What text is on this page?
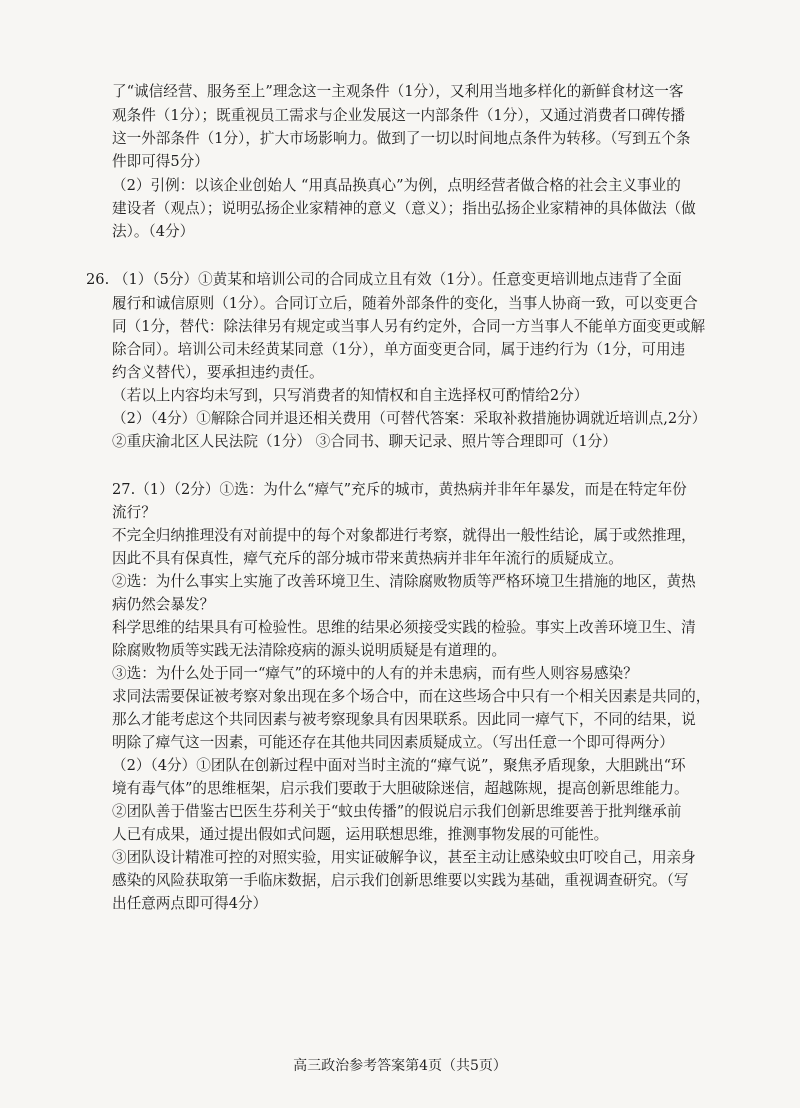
了“诚信经营、服务至上”理念这一主观条件（1分），又利用当地多样化的新鲜食材这一客
观条件（1分）；既重视员工需求与企业发展这一内部条件（1分），又通过消费者口碑传播
这一外部条件（1分），扩大市场影响力。做到了一切以时间地点条件为转移。（写到五个条
件即可得5分）
（2）引例：以该企业创始人 “用真品换真心”为例，点明经营者做合格的社会主义事业的
建设者（观点）；说明弘扬企业家精神的意义（意义）；指出弘扬企业家精神的具体做法（做
法）。（4分）
26. （1）（5分）①黄某和培训公司的合同成立且有效（1分）。任意变更培训地点违背了全面
履行和诚信原则（1分）。合同订立后，随着外部条件的变化，当事人协商一致，可以变更合
同（1分，替代：除法律另有规定或当事人另有约定外，合同一方当事人不能单方面变更或解
除合同）。培训公司未经黄某同意（1分），单方面变更合同，属于违约行为（1分，可用违
约含义替代），要承担违约责任。
（若以上内容均未写到，只写消费者的知情权和自主选择权可酌情给2分）
（2）（4分）①解除合同并退还相关费用（可替代答案：采取补救措施协调就近培训点,2分）
②重庆渝北区人民法院（1分） ③合同书、聊天记录、照片等合理即可（1分）
27.（1）（2分）①选：为什么“瘴气”充斥的城市，黄热病并非年年暴发，而是在特定年份
流行？
不完全归纳推理没有对前提中的每个对象都进行考察，就得出一般性结论，属于或然推理，
因此不具有保真性，瘴气充斥的部分城市带来黄热病并非年年流行的质疑成立。
②选：为什么事实上实施了改善环境卫生、清除腐败物质等严格环境卫生措施的地区，黄热
病仍然会暴发？
科学思维的结果具有可检验性。思维的结果必须接受实践的检验。事实上改善环境卫生、清
除腐败物质等实践无法清除疫病的源头说明质疑是有道理的。
③选：为什么处于同一“瘴气”的环境中的人有的并未患病，而有些人则容易感染？
求同法需要保证被考察对象出现在多个场合中，而在这些场合中只有一个相关因素是共同的，
那么才能考虑这个共同因素与被考察现象具有因果联系。因此同一瘴气下，不同的结果，说
明除了瘴气这一因素，可能还存在其他共同因素质疑成立。（写出任意一个即可得两分）
（2）（4分）①团队在创新过程中面对当时主流的“瘴气说”，聚焦矛盾现象，大胆跳出“环
境有毒气体”的思维框架，启示我们要敢于大胆破除迷信，超越陈规，提高创新思维能力。
②团队善于借鉴古巴医生芬利关于“蚊虫传播”的假说启示我们创新思维要善于批判继承前
人已有成果，通过提出假如式问题，运用联想思维，推测事物发展的可能性。
③团队设计精准可控的对照实验，用实证破解争议，甚至主动让感染蚊虫叮咬自己，用亲身
感染的风险获取第一手临床数据，启示我们创新思维要以实践为基础，重视调查研究。（写
出任意两点即可得4分）
高三政治参考答案第4页（共5页）
